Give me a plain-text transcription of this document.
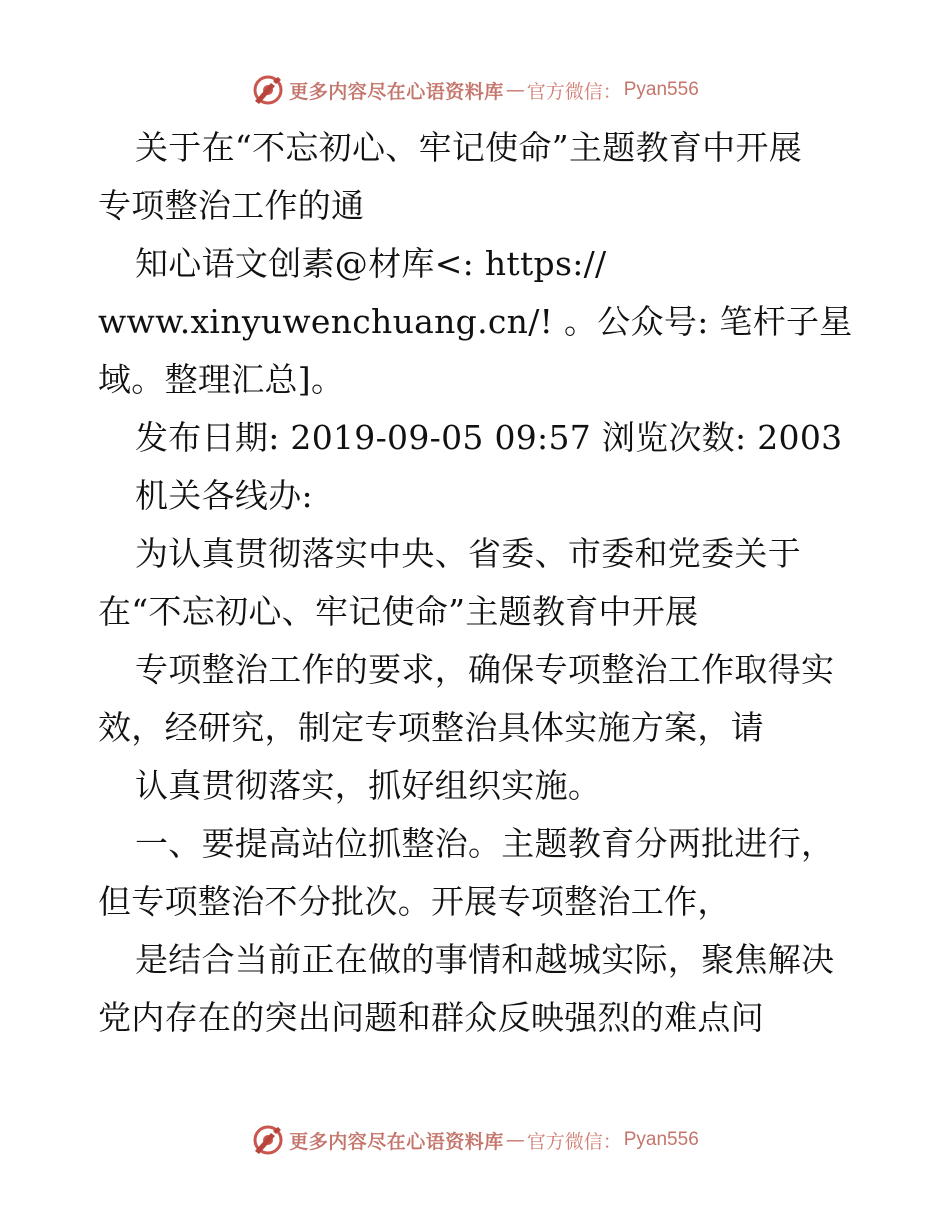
更多内容尽在心语资料库 — 官方微信： Pyan556

关于在“不忘初心、牢记使命”主题教育中开展

专项整治工作的通

知心语文创素@材库<: https://

www.xinyuwenchuang.cn/! 。公众号: 笔杆子星

域。整理汇总]。

发布日期: 2019-09-05 09:57 浏览次数: 2003

机关各线办:

为认真贯彻落实中央、省委、市委和党委关于

在“不忘初心、牢记使命”主题教育中开展

专项整治工作的要求，确保专项整治工作取得实

效，经研究，制定专项整治具体实施方案，请

认真贯彻落实，抓好组织实施。

一、要提高站位抓整治。主题教育分两批进行，

但专项整治不分批次。开展专项整治工作，

是结合当前正在做的事情和越城实际，聚焦解决

党内存在的突出问题和群众反映强烈的难点问

更多内容尽在心语资料库 — 官方微信： Pyan556
